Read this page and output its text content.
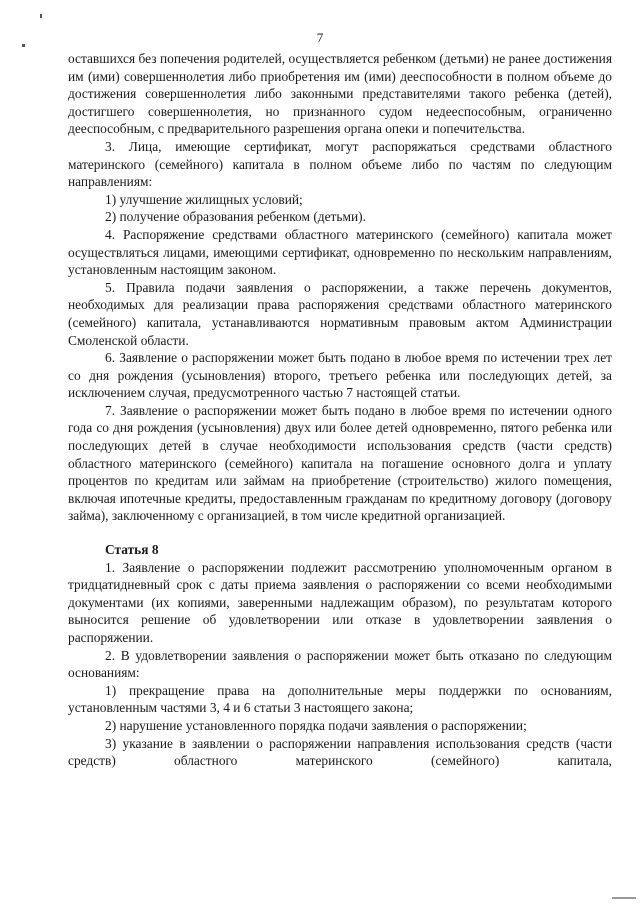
7

оставшихся без попечения родителей, осуществляется ребенком (детьми) не ранее достижения им (ими) совершеннолетия либо приобретения им (ими) дееспособности в полном объеме до достижения совершеннолетия либо законными представителями такого ребенка (детей), достигшего совершеннолетия, но признанного судом недееспособным, ограниченно дееспособным, с предварительного разрешения органа опеки и попечительства.

3. Лица, имеющие сертификат, могут распоряжаться средствами областного материнского (семейного) капитала в полном объеме либо по частям по следующим направлениям:

1) улучшение жилищных условий;

2) получение образования ребенком (детьми).

4. Распоряжение средствами областного материнского (семейного) капитала может осуществляться лицами, имеющими сертификат, одновременно по нескольким направлениям, установленным настоящим законом.

5. Правила подачи заявления о распоряжении, а также перечень документов, необходимых для реализации права распоряжения средствами областного материнского (семейного) капитала, устанавливаются нормативным правовым актом Администрации Смоленской области.

6. Заявление о распоряжении может быть подано в любое время по истечении трех лет со дня рождения (усыновления) второго, третьего ребенка или последующих детей, за исключением случая, предусмотренного частью 7 настоящей статьи.

7. Заявление о распоряжении может быть подано в любое время по истечении одного года со дня рождения (усыновления) двух или более детей одновременно, пятого ребенка или последующих детей в случае необходимости использования средств (части средств) областного материнского (семейного) капитала на погашение основного долга и уплату процентов по кредитам или займам на приобретение (строительство) жилого помещения, включая ипотечные кредиты, предоставленным гражданам по кредитному договору (договору займа), заключенному с организацией, в том числе кредитной организацией.

Статья 8

1. Заявление о распоряжении подлежит рассмотрению уполномоченным органом в тридцатидневный срок с даты приема заявления о распоряжении со всеми необходимыми документами (их копиями, заверенными надлежащим образом), по результатам которого выносится решение об удовлетворении или отказе в удовлетворении заявления о распоряжении.

2. В удовлетворении заявления о распоряжении может быть отказано по следующим основаниям:

1) прекращение права на дополнительные меры поддержки по основаниям, установленным частями 3, 4 и 6 статьи 3 настоящего закона;

2) нарушение установленного порядка подачи заявления о распоряжении;

3) указание в заявлении о распоряжении направления использования средств (части средств) областного материнского (семейного) капитала,
